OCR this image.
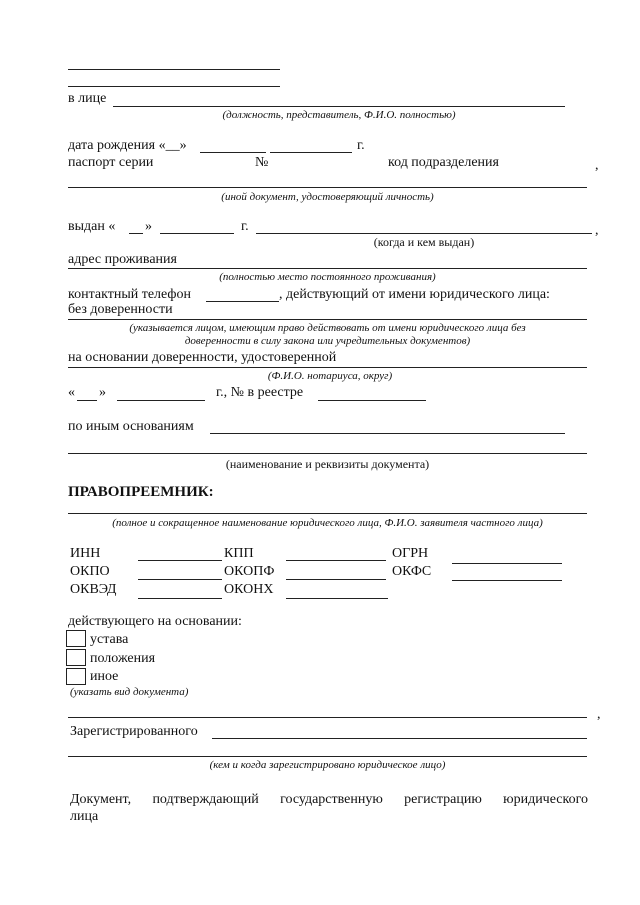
в лице
(должность, представитель, Ф.И.О. полностью)
дата рождения «__»	г.
паспорт серии	№	код подразделения	,
(иной документ, удостоверяющий личность)
выдан « »	г.	,
(когда и кем выдан)
адрес проживания
(полностью место постоянного проживания)
контактный телефон	, действующий от имени юридического лица:
без доверенности
(указывается лицом, имеющим право действовать от имени юридического лица без
доверенности в силу закона или учредительных документов)
на основании доверенности, удостоверенной
(Ф.И.О. нотариуса, округ)
« »	г., № в реестре
по иным основаниям
(наименование и реквизиты документа)
ПРАВОПРЕЕМНИК:
(полное и сокращенное наименование юридического лица, Ф.И.О. заявителя частного лица)
ИНН	КПП	ОГРН
ОКПО	ОКОПФ	ОКФС
ОКВЭД	ОКОНХ
действующего на основании:
устава
положения
иное
(указать вид документа)
,
Зарегистрированного
(кем и когда зарегистрировано юридическое лицо)
Документ, подтверждающий государственную регистрацию юридического
лица
